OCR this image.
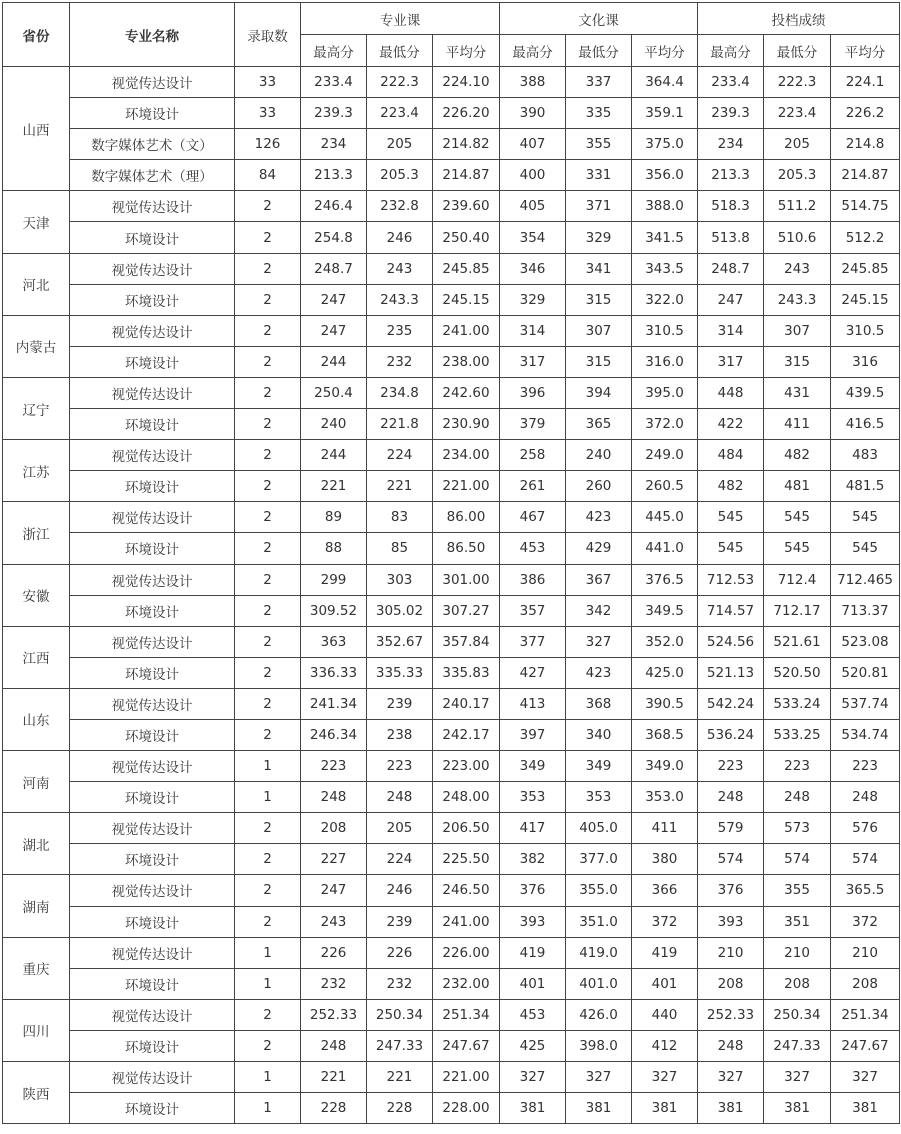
省份	专业名称	录取数	专业课			文化课			投档成绩		
			最高分	最低分	平均分	最高分	最低分	平均分	最高分	最低分	平均分
山西	视觉传达设计	33	233.4	222.3	224.10	388	337	364.4	233.4	222.3	224.1
	环境设计	33	239.3	223.4	226.20	390	335	359.1	239.3	223.4	226.2
	数字媒体艺术（文）	126	234	205	214.82	407	355	375.0	234	205	214.8
	数字媒体艺术（理）	84	213.3	205.3	214.87	400	331	356.0	213.3	205.3	214.87
天津	视觉传达设计	2	246.4	232.8	239.60	405	371	388.0	518.3	511.2	514.75
	环境设计	2	254.8	246	250.40	354	329	341.5	513.8	510.6	512.2
河北	视觉传达设计	2	248.7	243	245.85	346	341	343.5	248.7	243	245.85
	环境设计	2	247	243.3	245.15	329	315	322.0	247	243.3	245.15
内蒙古	视觉传达设计	2	247	235	241.00	314	307	310.5	314	307	310.5
	环境设计	2	244	232	238.00	317	315	316.0	317	315	316
辽宁	视觉传达设计	2	250.4	234.8	242.60	396	394	395.0	448	431	439.5
	环境设计	2	240	221.8	230.90	379	365	372.0	422	411	416.5
江苏	视觉传达设计	2	244	224	234.00	258	240	249.0	484	482	483
	环境设计	2	221	221	221.00	261	260	260.5	482	481	481.5
浙江	视觉传达设计	2	89	83	86.00	467	423	445.0	545	545	545
	环境设计	2	88	85	86.50	453	429	441.0	545	545	545
安徽	视觉传达设计	2	299	303	301.00	386	367	376.5	712.53	712.4	712.465
	环境设计	2	309.52	305.02	307.27	357	342	349.5	714.57	712.17	713.37
江西	视觉传达设计	2	363	352.67	357.84	377	327	352.0	524.56	521.61	523.08
	环境设计	2	336.33	335.33	335.83	427	423	425.0	521.13	520.50	520.81
山东	视觉传达设计	2	241.34	239	240.17	413	368	390.5	542.24	533.24	537.74
	环境设计	2	246.34	238	242.17	397	340	368.5	536.24	533.25	534.74
河南	视觉传达设计	1	223	223	223.00	349	349	349.0	223	223	223
	环境设计	1	248	248	248.00	353	353	353.0	248	248	248
湖北	视觉传达设计	2	208	205	206.50	417	405.0	411	579	573	576
	环境设计	2	227	224	225.50	382	377.0	380	574	574	574
湖南	视觉传达设计	2	247	246	246.50	376	355.0	366	376	355	365.5
	环境设计	2	243	239	241.00	393	351.0	372	393	351	372
重庆	视觉传达设计	1	226	226	226.00	419	419.0	419	210	210	210
	环境设计	1	232	232	232.00	401	401.0	401	208	208	208
四川	视觉传达设计	2	252.33	250.34	251.34	453	426.0	440	252.33	250.34	251.34
	环境设计	2	248	247.33	247.67	425	398.0	412	248	247.33	247.67
陕西	视觉传达设计	1	221	221	221.00	327	327	327	327	327	327
	环境设计	1	228	228	228.00	381	381	381	381	381	381
